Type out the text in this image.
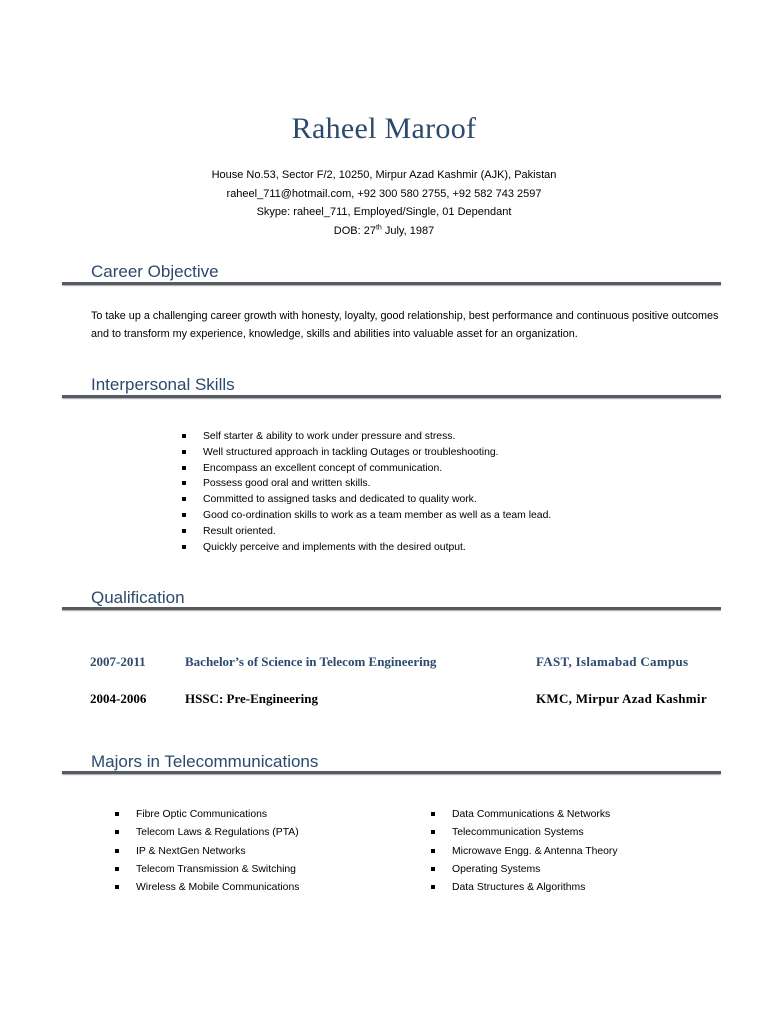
Raheel Maroof
House No.53, Sector F/2, 10250, Mirpur Azad Kashmir (AJK), Pakistan
raheel_711@hotmail.com, +92 300 580 2755, +92 582 743 2597
Skype: raheel_711, Employed/Single, 01 Dependant
DOB: 27th July, 1987
Career Objective
To take up a challenging career growth with honesty, loyalty, good relationship, best performance and continuous positive outcomes and to transform my experience, knowledge, skills and abilities into valuable asset for an organization.
Interpersonal Skills
Self starter & ability to work under pressure and stress.
Well structured approach in tackling Outages or troubleshooting.
Encompass an excellent concept of communication.
Possess good oral and written skills.
Committed to assigned tasks and dedicated to quality work.
Good co-ordination skills to work as a team member as well as a team lead.
Result oriented.
Quickly perceive and implements with the desired output.
Qualification
2007-2011	Bachelor’s of Science in Telecom Engineering	FAST, Islamabad Campus
2004-2006	HSSC: Pre-Engineering	KMC, Mirpur Azad Kashmir
Majors in Telecommunications
Fibre Optic Communications
Telecom Laws & Regulations (PTA)
IP & NextGen Networks
Telecom Transmission & Switching
Wireless & Mobile Communications
Data Communications & Networks
Telecommunication Systems
Microwave Engg. & Antenna Theory
Operating Systems
Data Structures & Algorithms
